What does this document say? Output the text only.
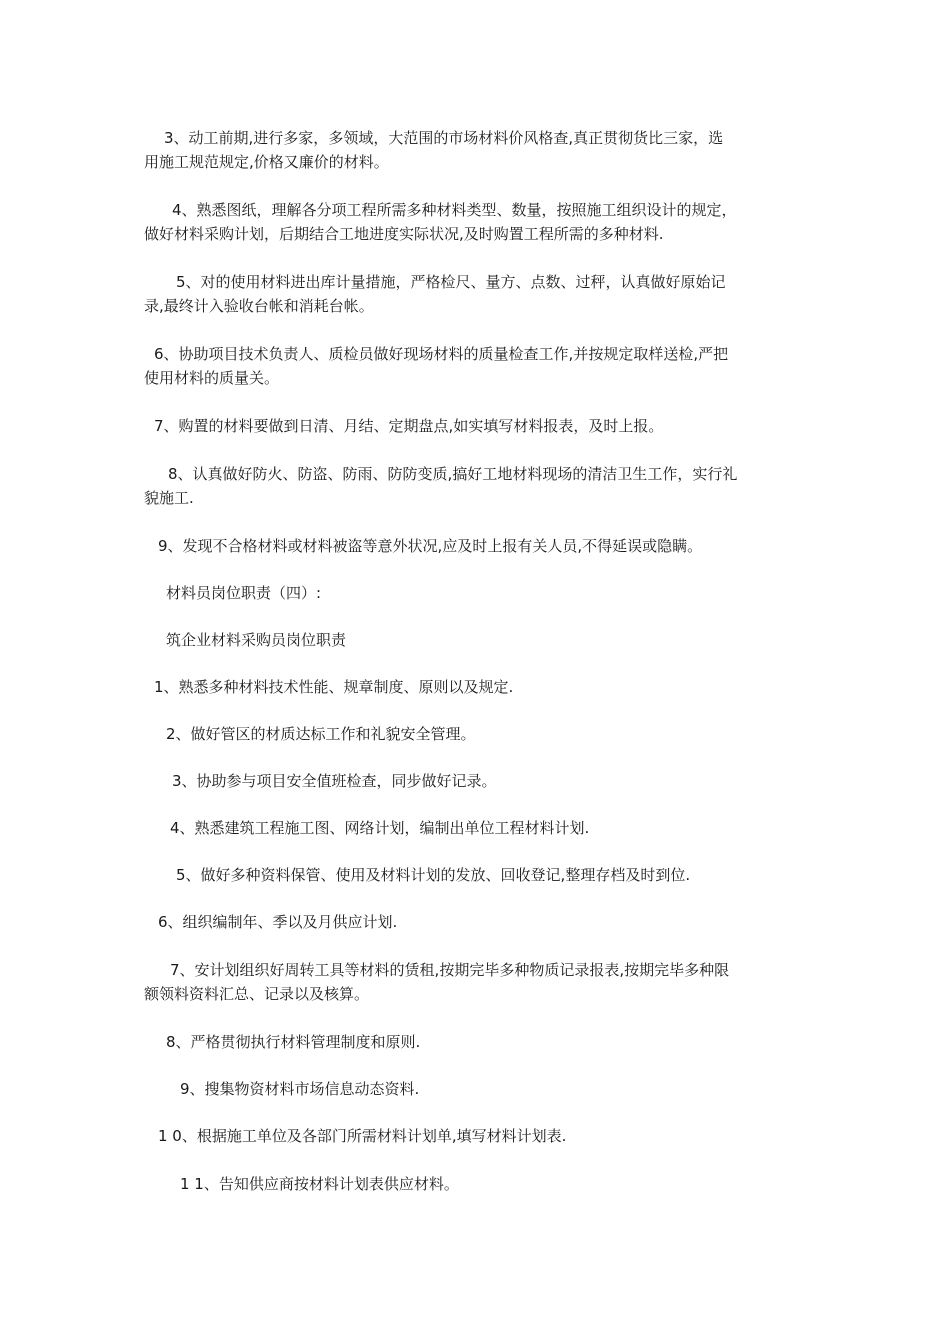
3、动工前期,进行多家，多领域，大范围的市场材料价风格查,真正贯彻货比三家，选
用施工规范规定,价格又廉价的材料。

4、熟悉图纸，理解各分项工程所需多种材料类型、数量，按照施工组织设计的规定，
做好材料采购计划，后期结合工地进度实际状况,及时购置工程所需的多种材料.

5、对的使用材料进出库计量措施，严格检尺、量方、点数、过秤，认真做好原始记
录,最终计入验收台帐和消耗台帐。

6、协助项目技术负责人、质检员做好现场材料的质量检查工作,并按规定取样送检,严把
使用材料的质量关。

7、购置的材料要做到日清、月结、定期盘点,如实填写材料报表，及时上报。

8、认真做好防火、防盗、防雨、防防变质,搞好工地材料现场的清洁卫生工作，实行礼
貌施工.

9、发现不合格材料或材料被盗等意外状况,应及时上报有关人员,不得延误或隐瞒。

材料员岗位职责（四）:

筑企业材料采购员岗位职责

1、熟悉多种材料技术性能、规章制度、原则以及规定.

2、做好管区的材质达标工作和礼貌安全管理。

3、协助参与项目安全值班检查，同步做好记录。

4、熟悉建筑工程施工图、网络计划，编制出单位工程材料计划.

5、做好多种资料保管、使用及材料计划的发放、回收登记,整理存档及时到位.

6、组织编制年、季以及月供应计划.

7、安计划组织好周转工具等材料的赁租,按期完毕多种物质记录报表,按期完毕多种限
额领料资料汇总、记录以及核算。

8、严格贯彻执行材料管理制度和原则.

9、搜集物资材料市场信息动态资料.

1 0、根据施工单位及各部门所需材料计划单,填写材料计划表.

1 1、告知供应商按材料计划表供应材料。
